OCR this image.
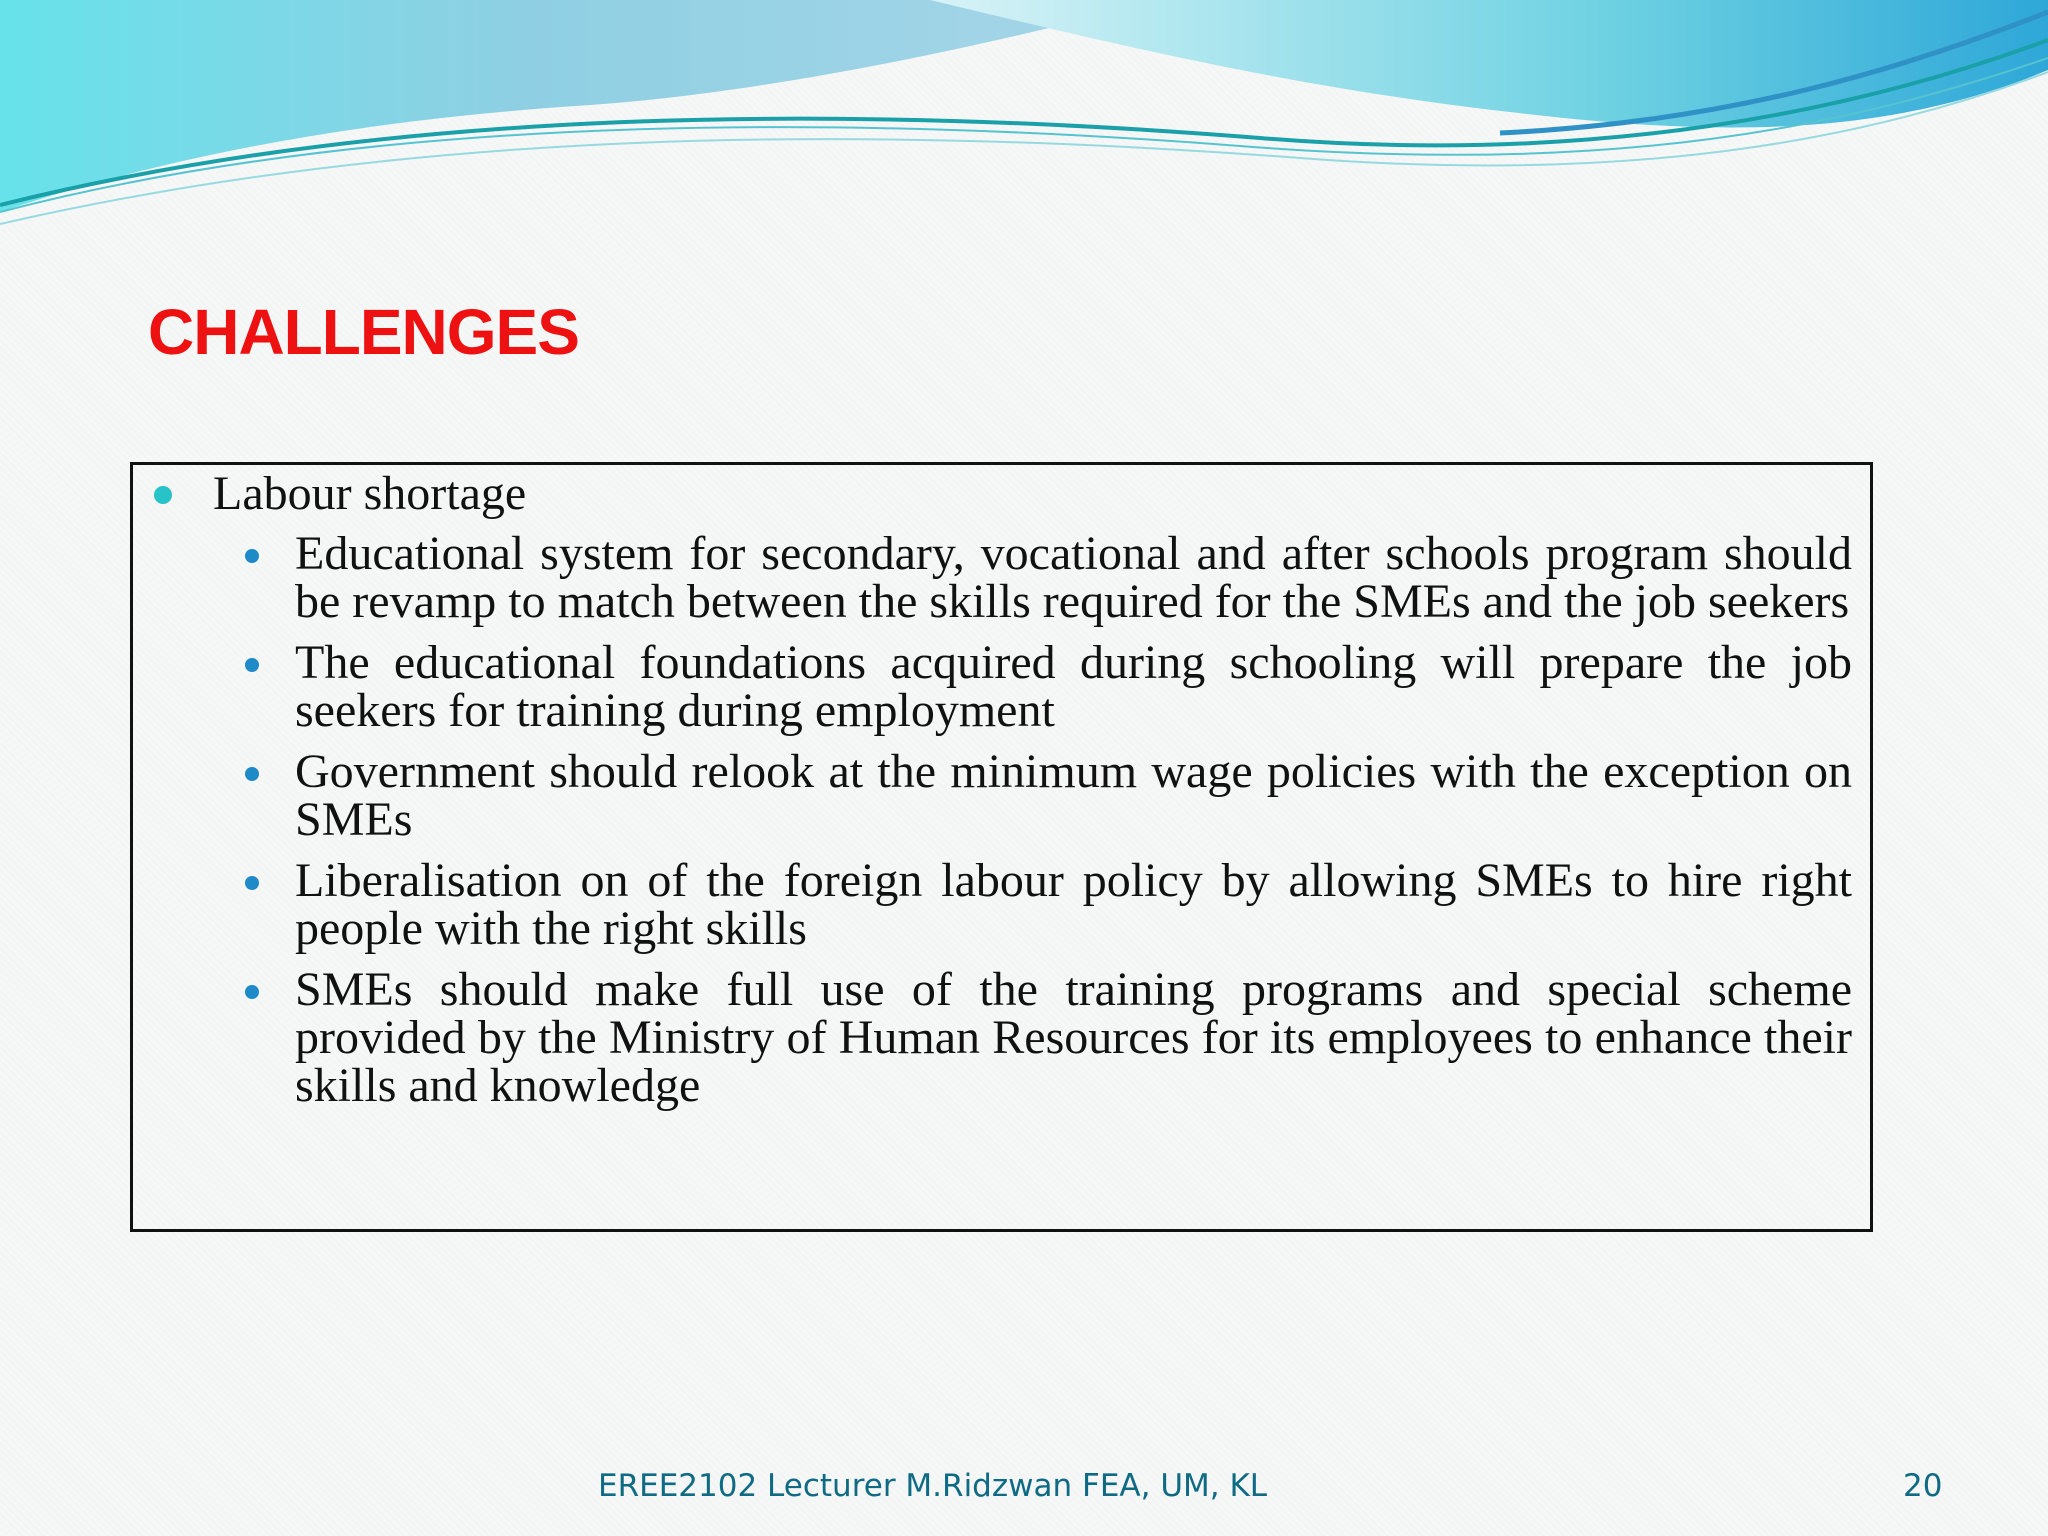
CHALLENGES
Labour shortage
Educational system for secondary, vocational and after schools program should be revamp to match between the skills required for the SMEs and the job seekers
The educational foundations acquired during schooling will prepare the job seekers for training during employment
Government should relook at the minimum wage policies with the exception on SMEs
Liberalisation on of the foreign labour policy by allowing SMEs to hire right people with the right skills
SMEs should make full use of the training programs and special scheme provided by the Ministry of Human Resources for its employees to enhance their skills and knowledge
EREE2102 Lecturer M.Ridzwan FEA, UM, KL	20
